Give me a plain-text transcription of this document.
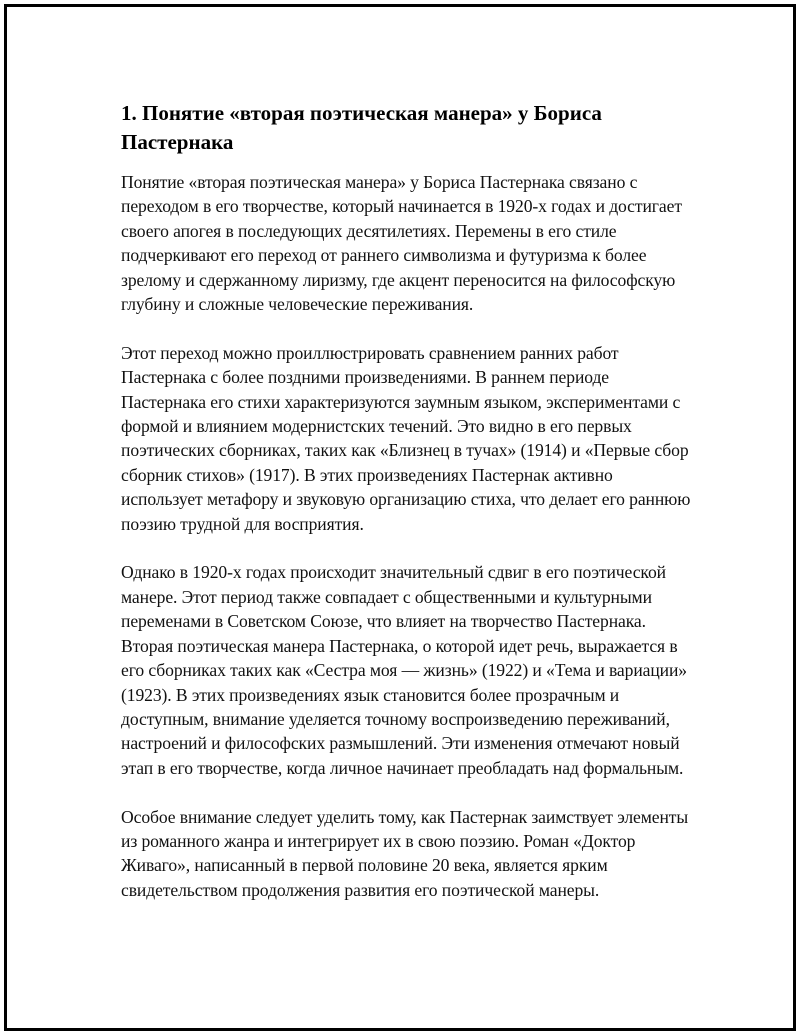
1. Понятие «вторая поэтическая манера» у Бориса Пастернака

Понятие «вторая поэтическая манера» у Бориса Пастернака связано с переходом в его творчестве, который начинается в 1920-х годах и достигает своего апогея в последующих десятилетиях. Перемены в его стиле подчеркивают его переход от раннего символизма и футуризма к более зрелому и сдержанному лиризму, где акцент переносится на философскую глубину и сложные человеческие переживания.

Этот переход можно проиллюстрировать сравнением ранних работ Пастернака с более поздними произведениями. В раннем периоде Пастернака его стихи характеризуются заумным языком, экспериментами с формой и влиянием модернистских течений. Это видно в его первых поэтических сборниках, таких как «Близнец в тучах» (1914) и «Первые сбор сборник стихов» (1917). В этих произведениях Пастернак активно использует метафору и звуковую организацию стиха, что делает его раннюю поэзию трудной для восприятия.

Однако в 1920-х годах происходит значительный сдвиг в его поэтической манере. Этот период также совпадает с общественными и культурными переменами в Советском Союзе, что влияет на творчество Пастернака. Вторая поэтическая манера Пастернака, о которой идет речь, выражается в его сборниках таких как «Сестра моя — жизнь» (1922) и «Тема и вариации» (1923). В этих произведениях язык становится более прозрачным и доступным, внимание уделяется точному воспроизведению переживаний, настроений и философских размышлений. Эти изменения отмечают новый этап в его творчестве, когда личное начинает преобладать над формальным.

Особое внимание следует уделить тому, как Пастернак заимствует элементы из романного жанра и интегрирует их в свою поэзию. Роман «Доктор Живаго», написанный в первой половине 20 века, является ярким свидетельством продолжения развития его поэтической манеры.
